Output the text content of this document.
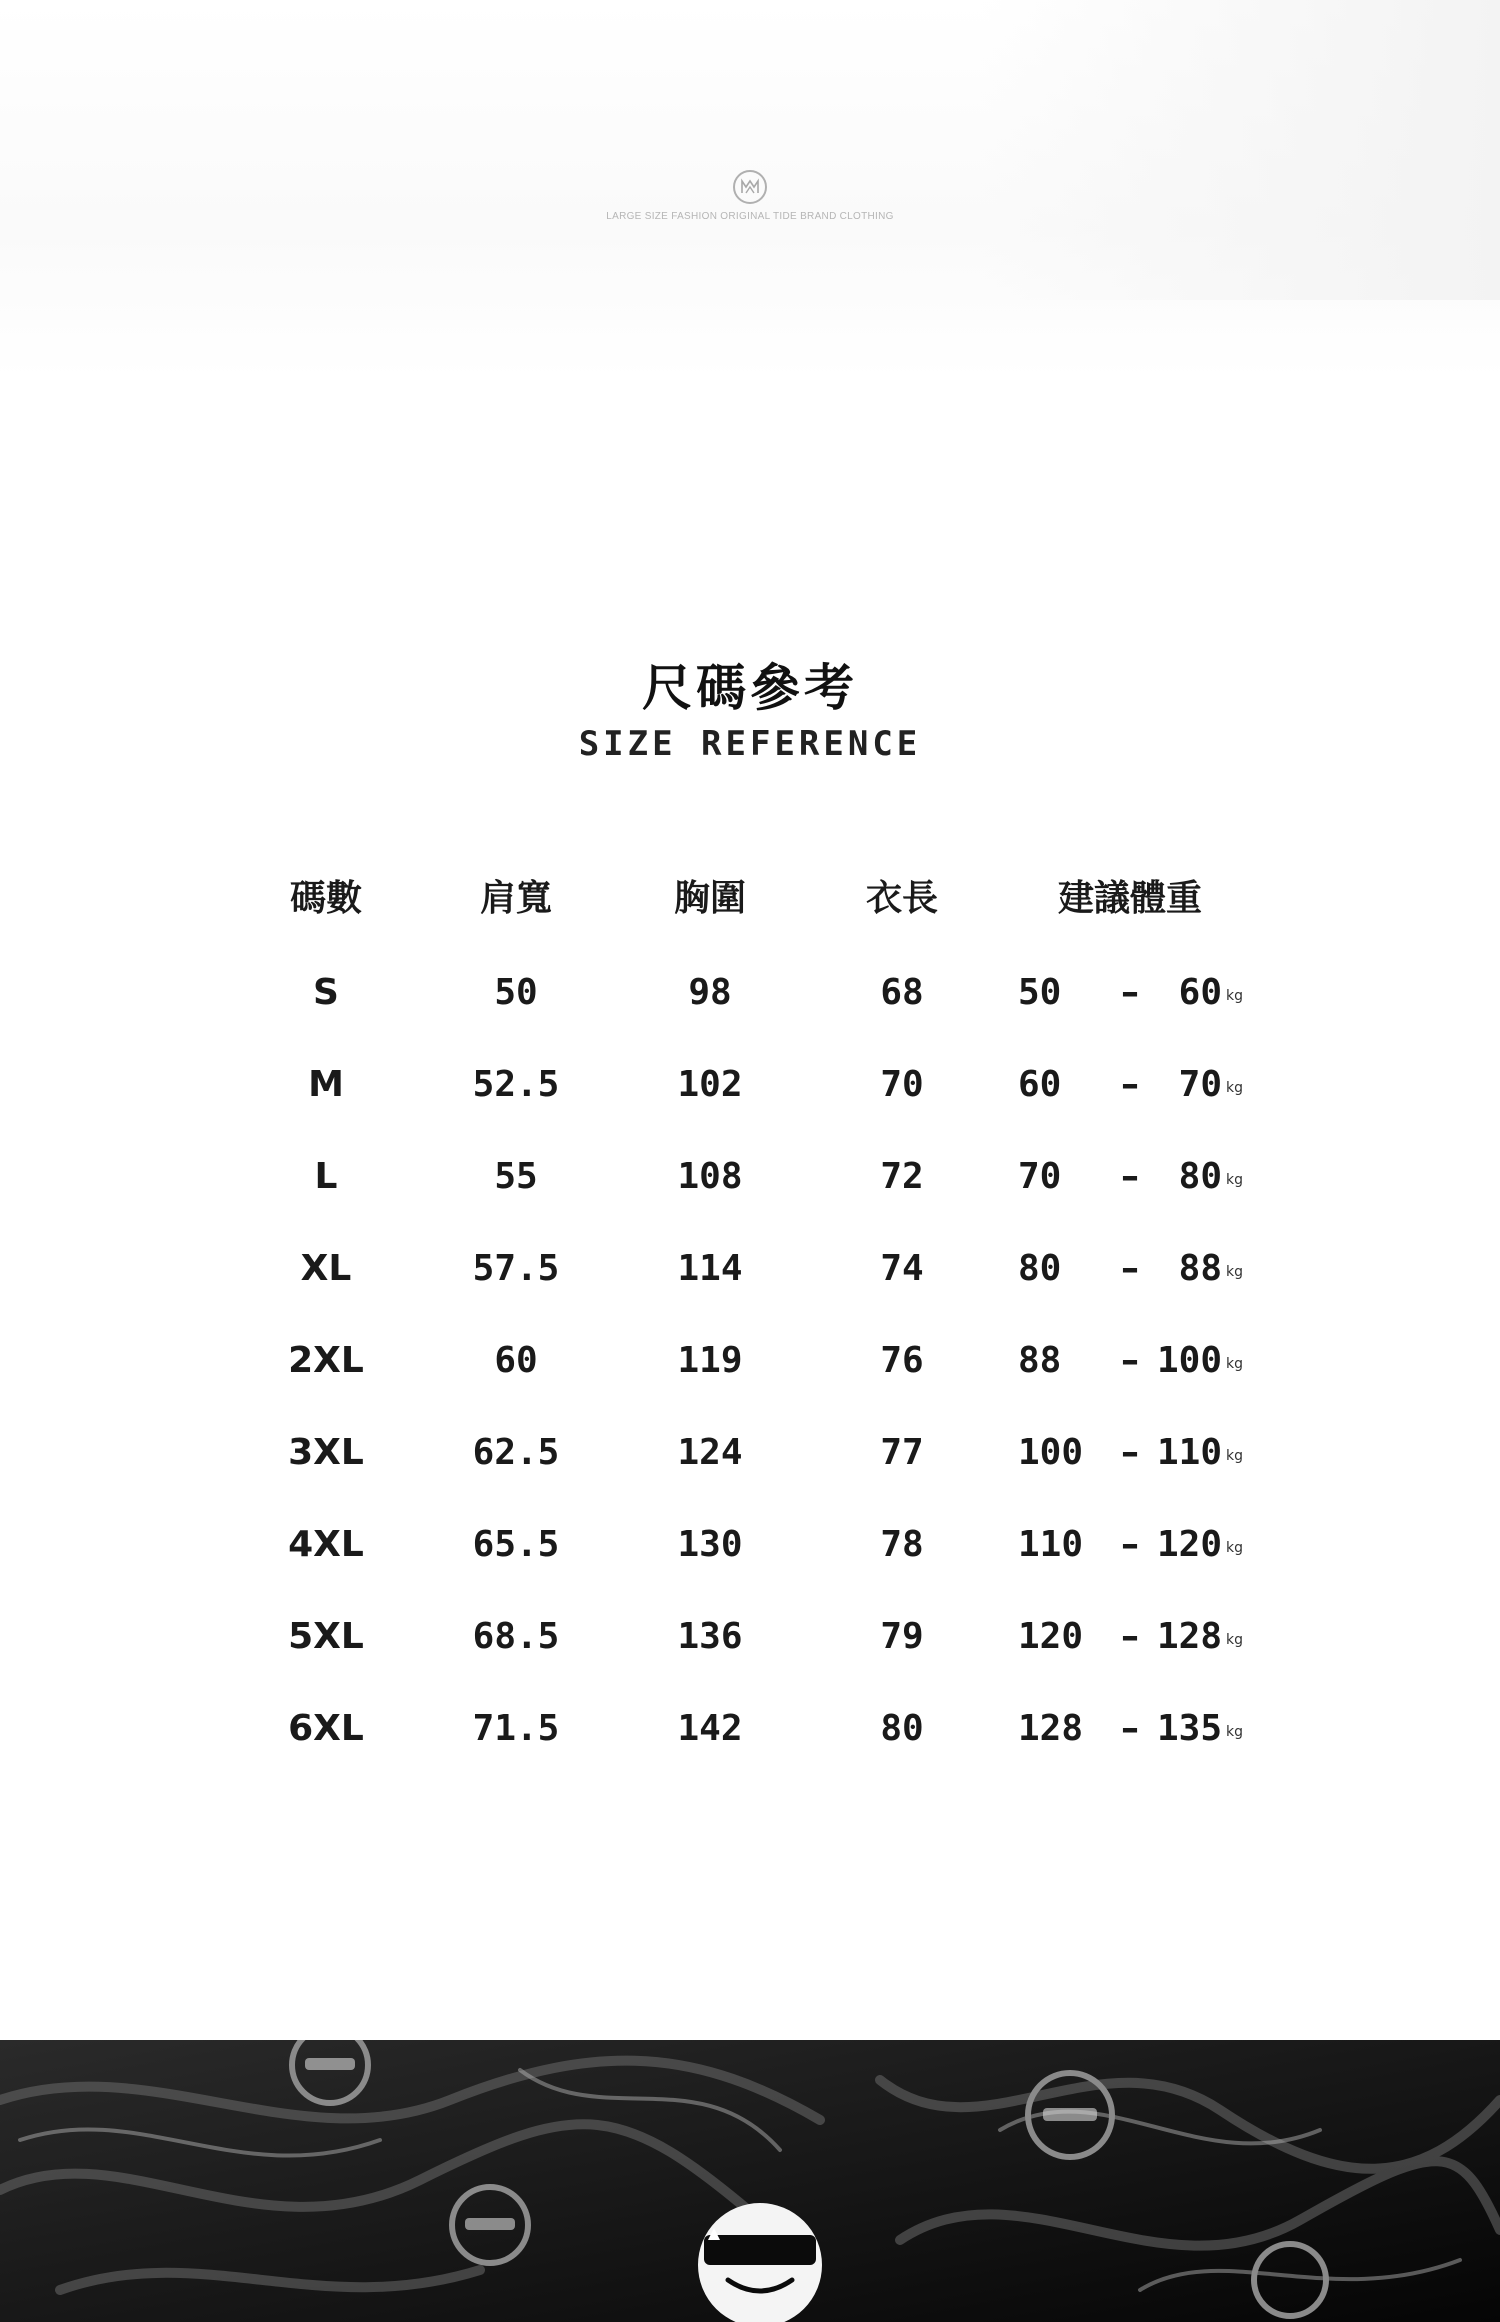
LARGE SIZE FASHION ORIGINAL TIDE BRAND CLOTHING
尺碼參考
SIZE REFERENCE
碼數	肩寬	胸圍	衣長	建議體重
S	50	98	68	50	–	60 kg
M	52.5	102	70	60	–	70 kg
L	55	108	72	70	–	80 kg
XL	57.5	114	74	80	–	88 kg
2XL	60	119	76	88	– 100 kg
3XL	62.5	124	77	100	– 110 kg
4XL	65.5	130	78	110	– 120 kg
5XL	68.5	136	79	120	– 128 kg
6XL	71.5	142	80	128	– 135 kg
